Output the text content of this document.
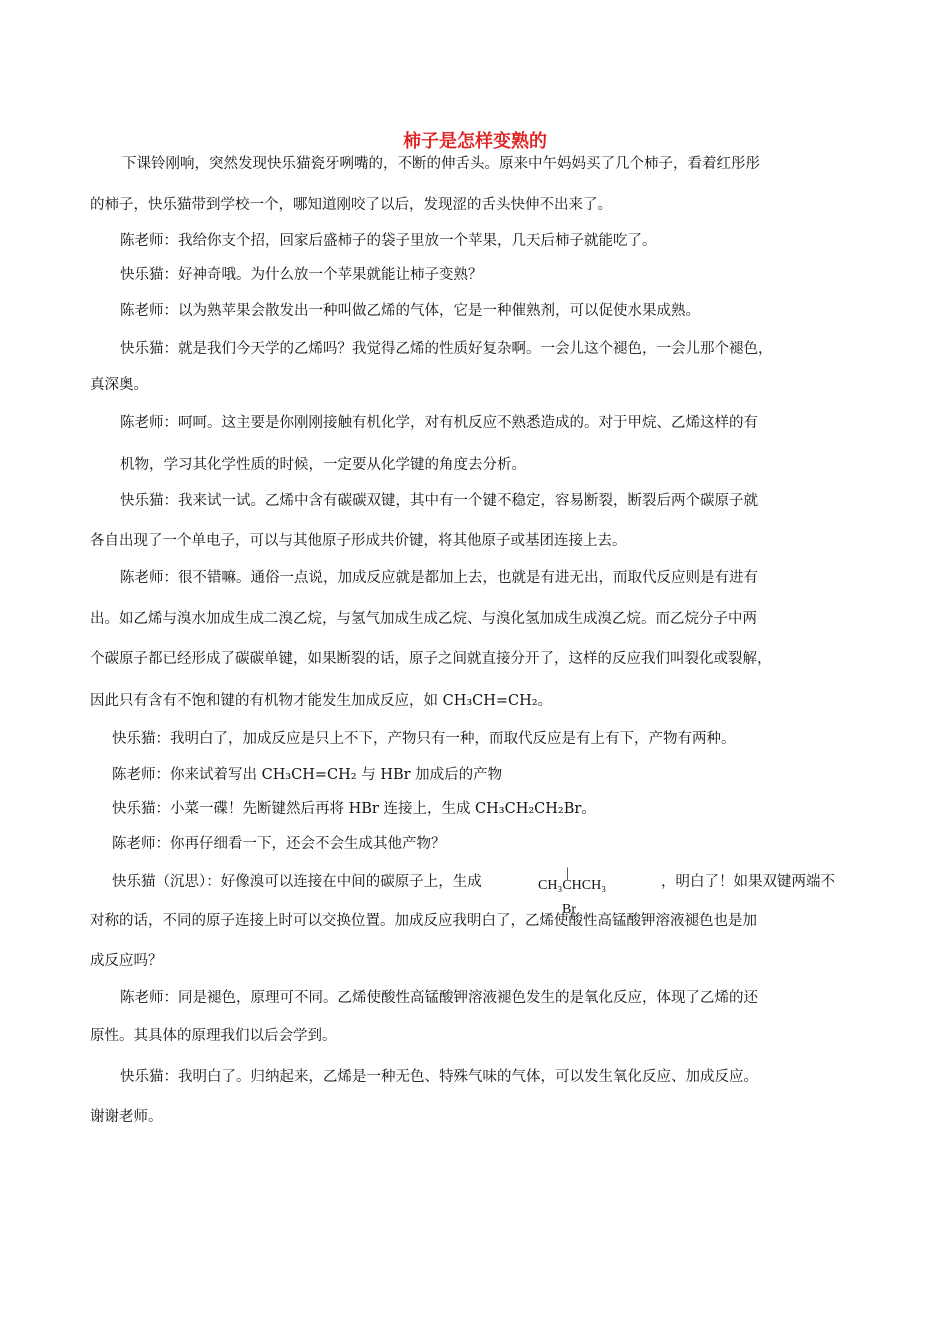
柿子是怎样变熟的
下课铃刚响，突然发现快乐猫瓷牙咧嘴的，不断的伸舌头。原来中午妈妈买了几个柿子，看着红彤彤
的柿子，快乐猫带到学校一个，哪知道刚咬了以后，发现涩的舌头快伸不出来了。
陈老师：我给你支个招，回家后盛柿子的袋子里放一个苹果，几天后柿子就能吃了。
快乐猫：好神奇哦。为什么放一个苹果就能让柿子变熟？
陈老师：以为熟苹果会散发出一种叫做乙烯的气体，它是一种催熟剂，可以促使水果成熟。
快乐猫：就是我们今天学的乙烯吗？我觉得乙烯的性质好复杂啊。一会儿这个褪色，一会儿那个褪色，
真深奥。
陈老师：呵呵。这主要是你刚刚接触有机化学，对有机反应不熟悉造成的。对于甲烷、乙烯这样的有
机物，学习其化学性质的时候，一定要从化学键的角度去分析。
快乐猫：我来试一试。乙烯中含有碳碳双键，其中有一个键不稳定，容易断裂，断裂后两个碳原子就
各自出现了一个单电子，可以与其他原子形成共价键，将其他原子或基团连接上去。
陈老师：很不错嘛。通俗一点说，加成反应就是都加上去，也就是有进无出，而取代反应则是有进有
出。如乙烯与溴水加成生成二溴乙烷，与氢气加成生成乙烷、与溴化氢加成生成溴乙烷。而乙烷分子中两
个碳原子都已经形成了碳碳单键，如果断裂的话，原子之间就直接分开了，这样的反应我们叫裂化或裂解，
因此只有含有不饱和键的有机物才能发生加成反应，如 CH₃CH=CH₂。
快乐猫：我明白了，加成反应是只上不下，产物只有一种，而取代反应是有上有下，产物有两种。
陈老师：你来试着写出 CH₃CH=CH₂ 与 HBr 加成后的产物
快乐猫：小菜一碟！先断键然后再将 HBr 连接上，生成 CH₃CH₂CH₂Br。
陈老师：你再仔细看一下，还会不会生成其他产物？
快乐猫（沉思）：好像溴可以连接在中间的碳原子上，生成	，明白了！如果双键两端不
对称的话，不同的原子连接上时可以交换位置。加成反应我明白了，乙烯使酸性高锰酸钾溶液褪色也是加
成反应吗？
陈老师：同是褪色，原理可不同。乙烯使酸性高锰酸钾溶液褪色发生的是氧化反应，体现了乙烯的还
原性。其具体的原理我们以后会学到。
快乐猫：我明白了。归纳起来，乙烯是一种无色、特殊气味的气体，可以发生氧化反应、加成反应。
谢谢老师。
|
CH₃CHCH₃
Br
